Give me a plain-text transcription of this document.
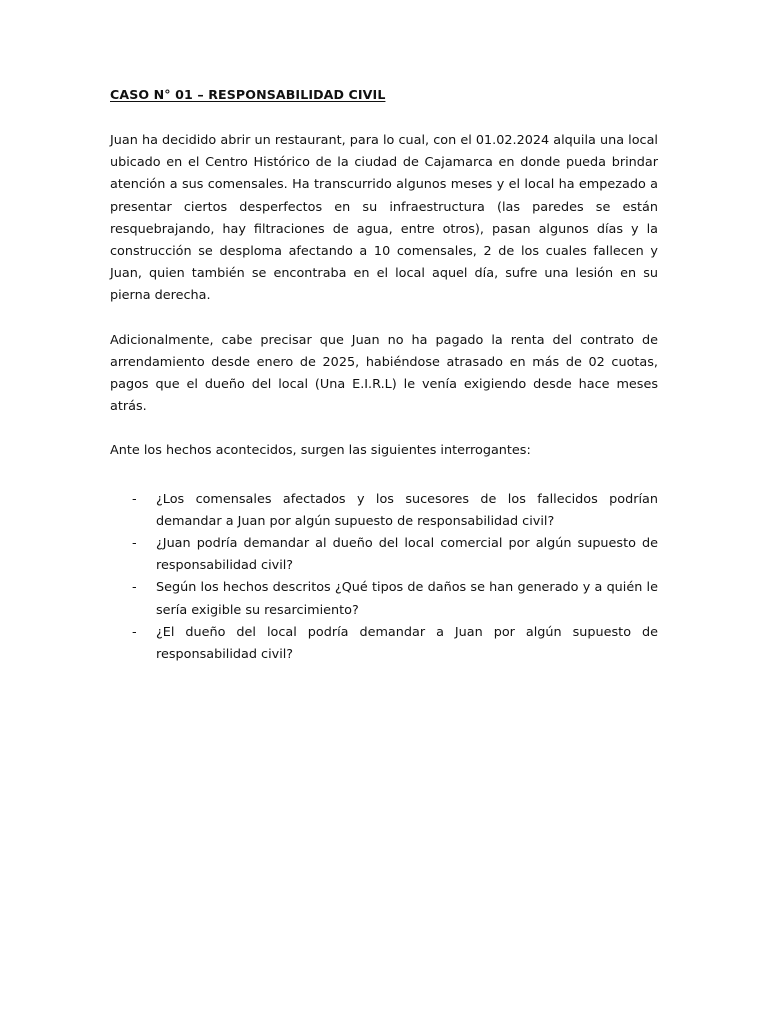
CASO N° 01 – RESPONSABILIDAD CIVIL

Juan ha decidido abrir un restaurant, para lo cual, con el 01.02.2024 alquila una local ubicado en el Centro Histórico de la ciudad de Cajamarca en donde pueda brindar atención a sus comensales. Ha transcurrido algunos meses y el local ha empezado a presentar ciertos desperfectos en su infraestructura (las paredes se están resquebrajando, hay filtraciones de agua, entre otros), pasan algunos días y la construcción se desploma afectando a 10 comensales, 2 de los cuales fallecen y Juan, quien también se encontraba en el local aquel día, sufre una lesión en su pierna derecha.

Adicionalmente, cabe precisar que Juan no ha pagado la renta del contrato de arrendamiento desde enero de 2025, habiéndose atrasado en más de 02 cuotas, pagos que el dueño del local (Una E.I.R.L) le venía exigiendo desde hace meses atrás.

Ante los hechos acontecidos, surgen las siguientes interrogantes:

- ¿Los comensales afectados y los sucesores de los fallecidos podrían demandar a Juan por algún supuesto de responsabilidad civil?
- ¿Juan podría demandar al dueño del local comercial por algún supuesto de responsabilidad civil?
- Según los hechos descritos ¿Qué tipos de daños se han generado y a quién le sería exigible su resarcimiento?
- ¿El dueño del local podría demandar a Juan por algún supuesto de responsabilidad civil?
